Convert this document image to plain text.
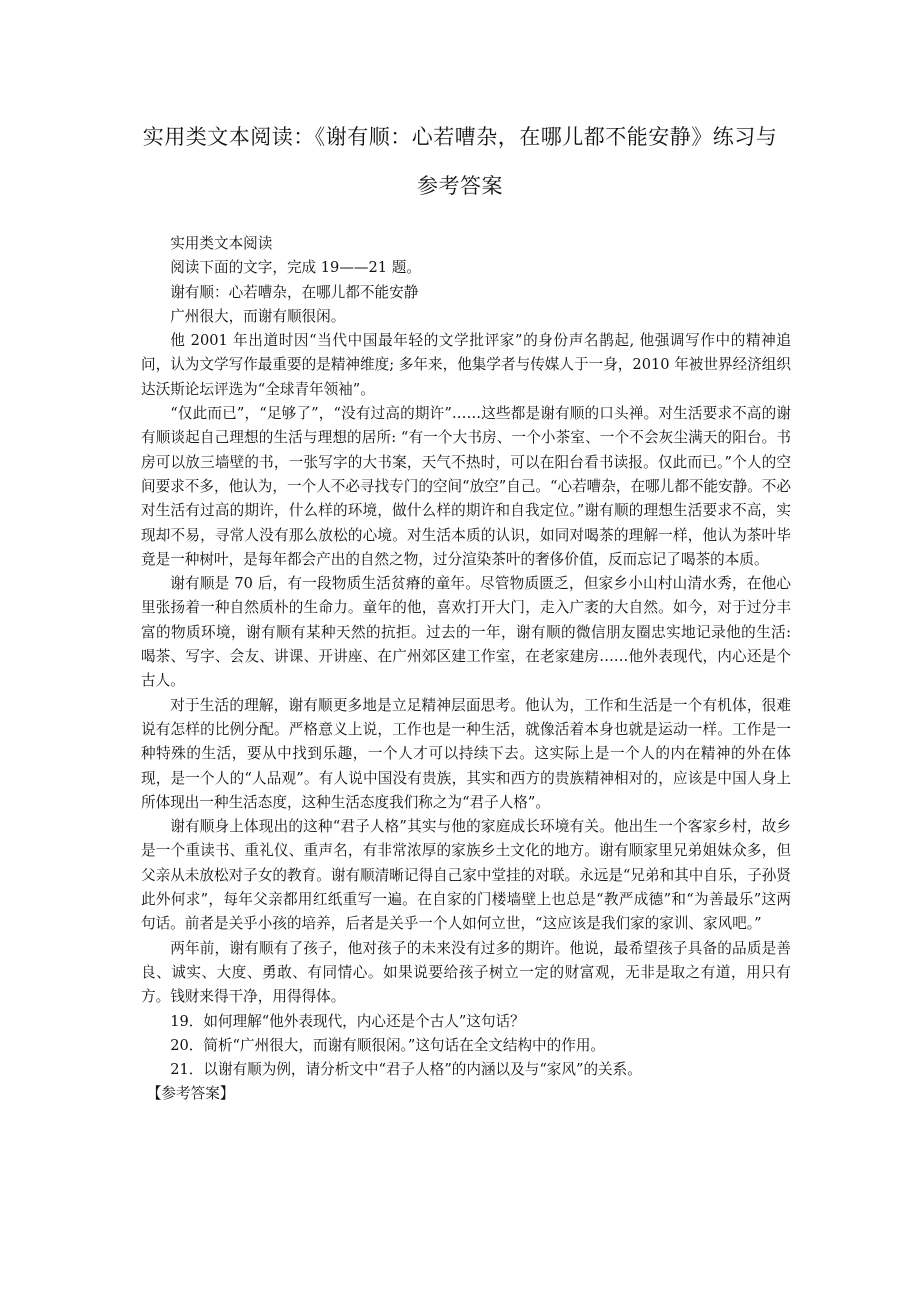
实用类文本阅读：《谢有顺：心若嘈杂，在哪儿都不能安静》练习与
参考答案

实用类文本阅读

阅读下面的文字，完成 19——21 题。

谢有顺：心若嘈杂，在哪儿都不能安静

广州很大，而谢有顺很闲。

他 2001 年出道时因“当代中国最年轻的文学批评家”的身份声名鹊起, 他强调写作中的精神追问，认为文学写作最重要的是精神维度; 多年来，他集学者与传媒人于一身，2010 年被世界经济组织达沃斯论坛评选为“全球青年领袖”。

“仅此而已”，“足够了”，“没有过高的期许”……这些都是谢有顺的口头禅。对生活要求不高的谢有顺谈起自己理想的生活与理想的居所: “有一个大书房、一个小茶室、一个不会灰尘满天的阳台。书房可以放三墙壁的书，一张写字的大书案，天气不热时，可以在阳台看书读报。仅此而已。”个人的空间要求不多，他认为，一个人不必寻找专门的空间“放空”自己。“心若嘈杂，在哪儿都不能安静。不必对生活有过高的期许，什么样的环境，做什么样的期许和自我定位。”谢有顺的理想生活要求不高，实现却不易，寻常人没有那么放松的心境。对生活本质的认识，如同对喝茶的理解一样，他认为茶叶毕竟是一种树叶，是每年都会产出的自然之物，过分渲染茶叶的奢侈价值，反而忘记了喝茶的本质。

谢有顺是 70 后，有一段物质生活贫瘠的童年。尽管物质匮乏，但家乡小山村山清水秀，在他心里张扬着一种自然质朴的生命力。童年的他，喜欢打开大门，走入广袤的大自然。如今，对于过分丰富的物质环境，谢有顺有某种天然的抗拒。过去的一年，谢有顺的微信朋友圈忠实地记录他的生活: 喝茶、写字、会友、讲课、开讲座、在广州郊区建工作室，在老家建房……他外表现代，内心还是个古人。

对于生活的理解，谢有顺更多地是立足精神层面思考。他认为，工作和生活是一个有机体，很难说有怎样的比例分配。严格意义上说，工作也是一种生活，就像活着本身也就是运动一样。工作是一种特殊的生活，要从中找到乐趣，一个人才可以持续下去。这实际上是一个人的内在精神的外在体现，是一个人的“人品观”。有人说中国没有贵族，其实和西方的贵族精神相对的，应该是中国人身上所体现出一种生活态度，这种生活态度我们称之为“君子人格”。

谢有顺身上体现出的这种“君子人格”其实与他的家庭成长环境有关。他出生一个客家乡村，故乡是一个重读书、重礼仪、重声名，有非常浓厚的家族乡土文化的地方。谢有顺家里兄弟姐妹众多，但父亲从未放松对子女的教育。谢有顺清晰记得自己家中堂挂的对联。永远是“兄弟和其中自乐，子孙贤此外何求”，每年父亲都用红纸重写一遍。在自家的门楼墙壁上也总是“教严成德”和“为善最乐”这两句话。前者是关乎小孩的培养，后者是关乎一个人如何立世，“这应该是我们家的家训、家风吧。”

两年前，谢有顺有了孩子，他对孩子的未来没有过多的期许。他说，最希望孩子具备的品质是善良、诚实、大度、勇敢、有同情心。如果说要给孩子树立一定的财富观，无非是取之有道，用只有方。钱财来得干净，用得得体。

19．如何理解“他外表现代，内心还是个古人”这句话？

20．简析“广州很大，而谢有顺很闲。”这句话在全文结构中的作用。

21．以谢有顺为例，请分析文中“君子人格”的内涵以及与“家风”的关系。

【参考答案】
